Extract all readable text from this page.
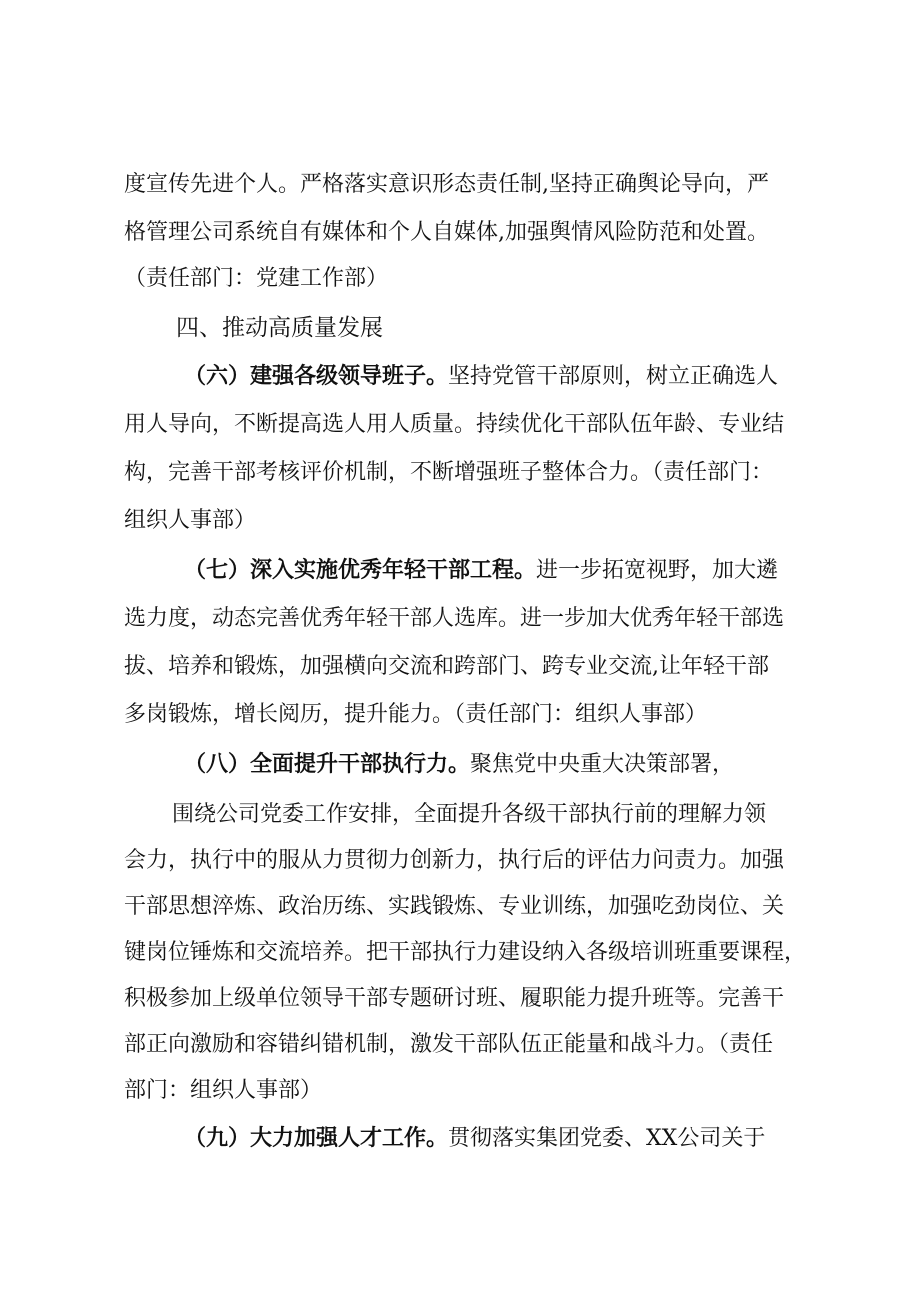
度宣传先进个人。严格落实意识形态责任制,坚持正确舆论导向，严
格管理公司系统自有媒体和个人自媒体,加强舆情风险防范和处置。
（责任部门：党建工作部）
四、推动高质量发展
（六）建强各级领导班子。坚持党管干部原则，树立正确选人
用人导向，不断提高选人用人质量。持续优化干部队伍年龄、专业结
构，完善干部考核评价机制，不断增强班子整体合力。（责任部门：
组织人事部）
（七）深入实施优秀年轻干部工程。进一步拓宽视野，加大遴
选力度，动态完善优秀年轻干部人选库。进一步加大优秀年轻干部选
拔、培养和锻炼，加强横向交流和跨部门、跨专业交流,让年轻干部
多岗锻炼，增长阅历，提升能力。（责任部门：组织人事部）
（八）全面提升干部执行力。聚焦党中央重大决策部署，
围绕公司党委工作安排，全面提升各级干部执行前的理解力领
会力，执行中的服从力贯彻力创新力，执行后的评估力问责力。加强
干部思想淬炼、政治历练、实践锻炼、专业训练，加强吃劲岗位、关
键岗位锤炼和交流培养。把干部执行力建设纳入各级培训班重要课程，
积极参加上级单位领导干部专题研讨班、履职能力提升班等。完善干
部正向激励和容错纠错机制，激发干部队伍正能量和战斗力。（责任
部门：组织人事部）
（九）大力加强人才工作。贯彻落实集团党委、XX公司关于
